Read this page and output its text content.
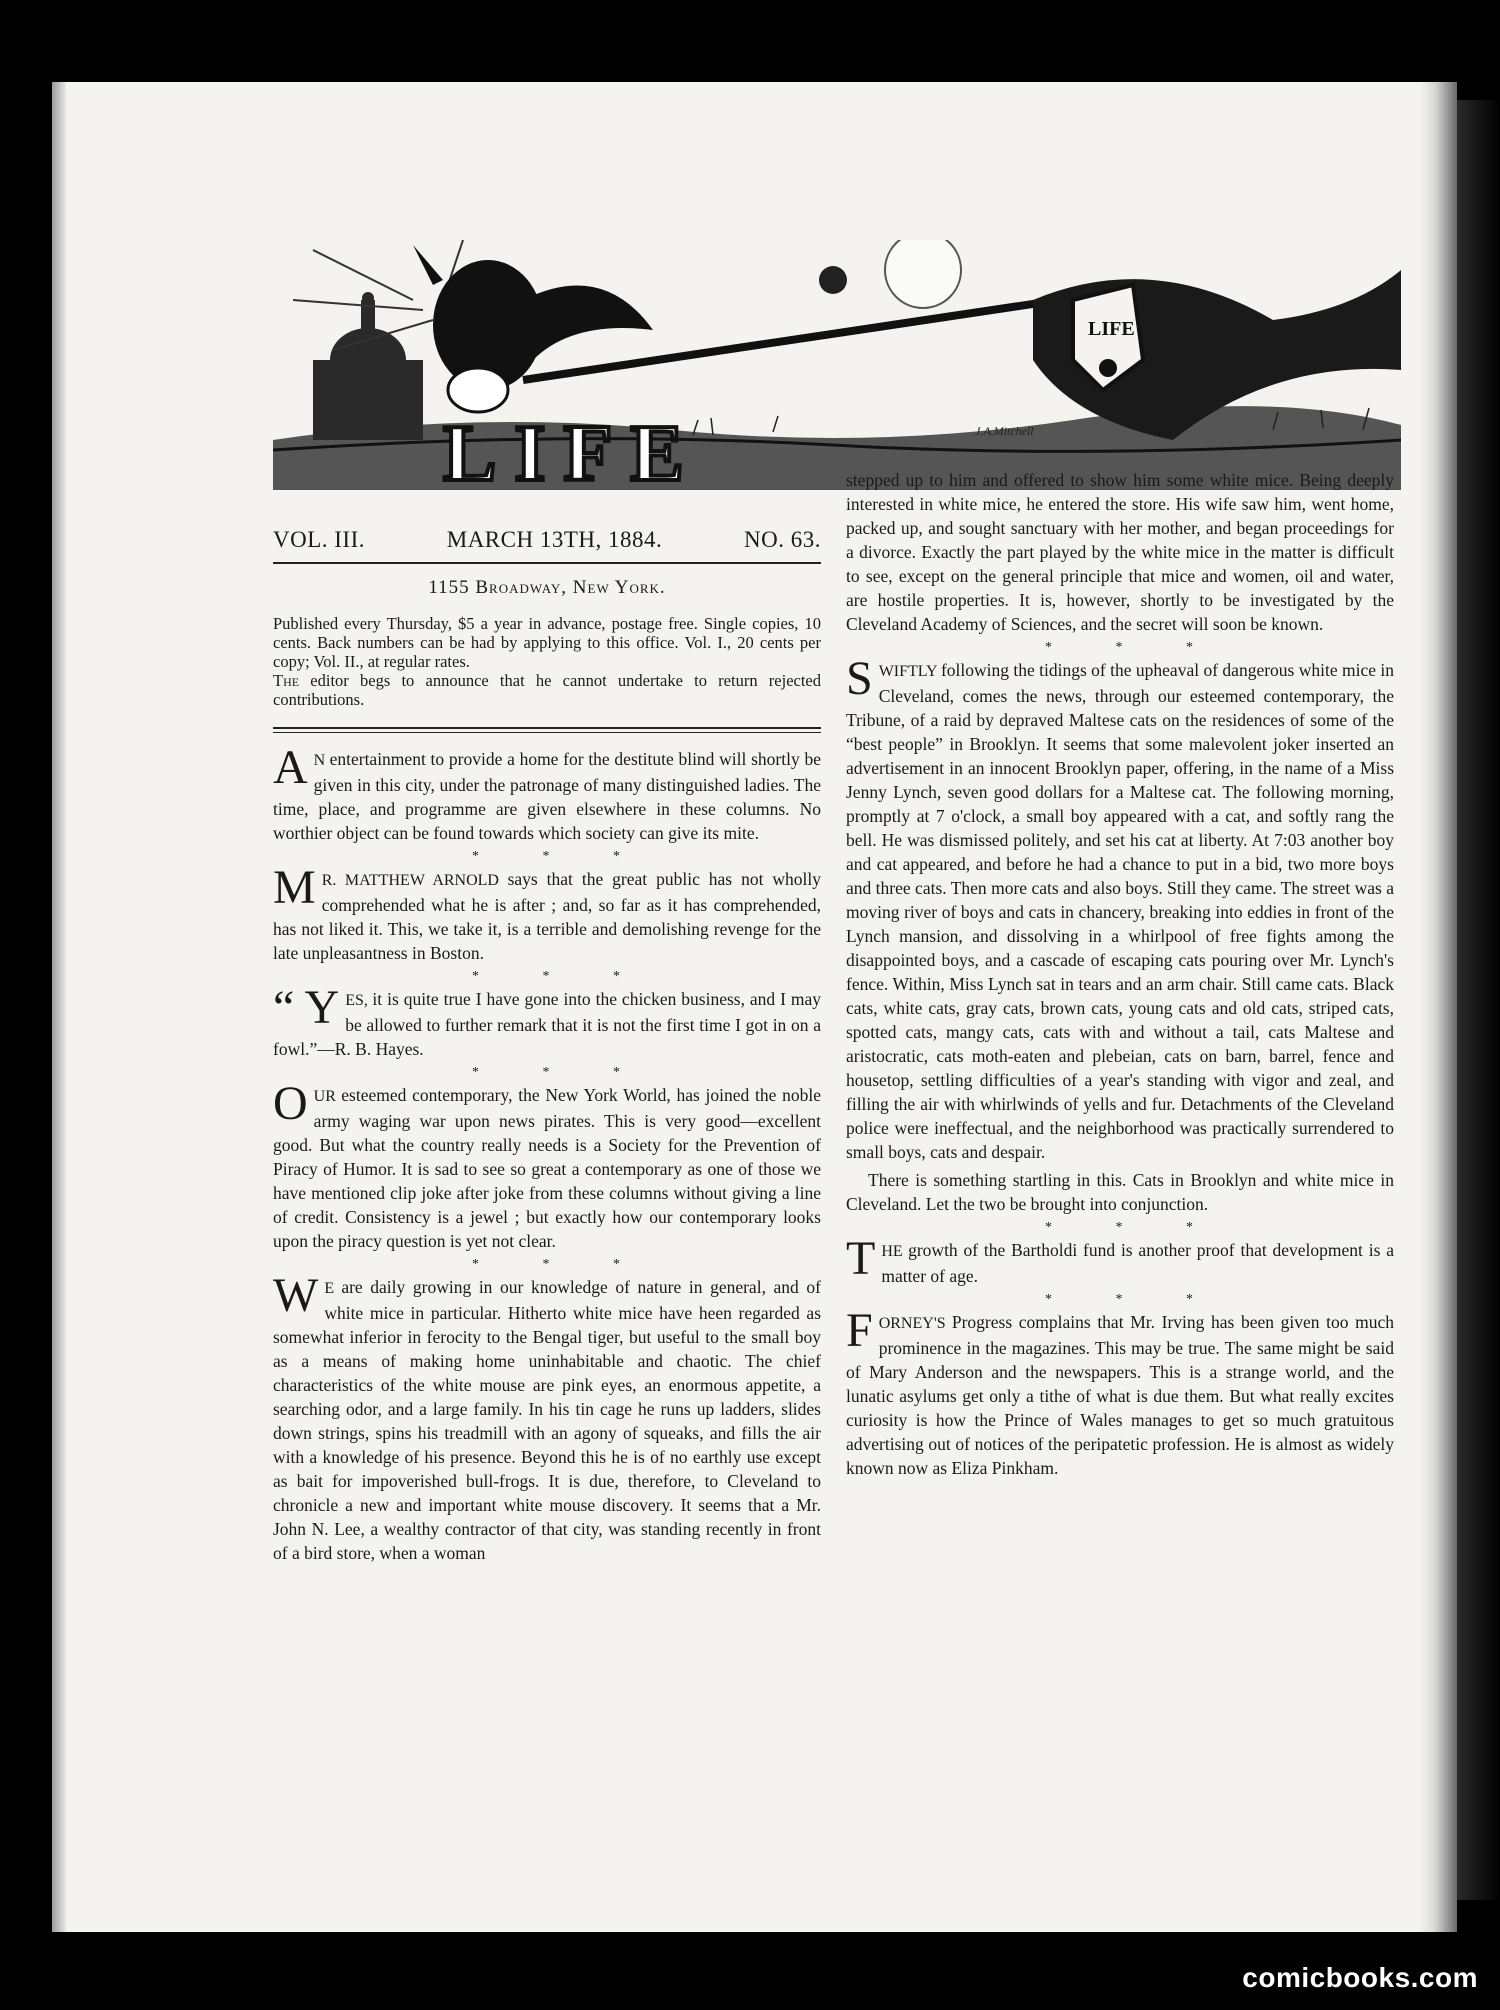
LIFE
LIFE	J.A.Mitchell
VOL. III.	MARCH 13TH, 1884.	NO. 63.
1155 Broadway, New York.

Published every Thursday, $5 a year in advance, postage free. Single copies, 10 cents. Back numbers can be had by applying to this office. Vol. I., 20 cents per copy; Vol. II., at regular rates.

The editor begs to announce that he cannot undertake to return rejected contributions.

A N entertainment to provide a home for the destitute blind will shortly be given in this city, under the patronage of many distinguished ladies. The time, place, and programme are given elsewhere in these columns. No worthier object can be found towards which society can give its mite.

* * *

M R. MATTHEW ARNOLD says that the great public has not wholly comprehended what he is after ; and, so far as it has comprehended, has not liked it. This, we take it, is a terrible and demolishing revenge for the late unpleasantness in Boston.

* * *

“ Y ES, it is quite true I have gone into the chicken business, and I may be allowed to further remark that it is not the first time I got in on a fowl.”—R. B. Hayes.

* * *

OUR esteemed contemporary, the New York World, has joined the noble army waging war upon news pirates. This is very good—excellent good. But what the country really needs is a Society for the Prevention of Piracy of Humor. It is sad to see so great a contemporary as one of those we have mentioned clip joke after joke from these columns without giving a line of credit. Consistency is a jewel ; but exactly how our contemporary looks upon the piracy question is yet not clear.

* * *

W E are daily growing in our knowledge of nature in general, and of white mice in particular. Hitherto white mice have heen regarded as somewhat inferior in ferocity to the Bengal tiger, but useful to the small boy as a means of making home uninhabitable and chaotic. The chief characteristics of the white mouse are pink eyes, an enormous appetite, a searching odor, and a large family. In his tin cage he runs up ladders, slides down strings, spins his treadmill with an agony of squeaks, and fills the air with a knowledge of his presence. Beyond this he is of no earthly use except as bait for impoverished bull-frogs. It is due, therefore, to Cleveland to chronicle a new and important white mouse discovery. It seems that a Mr. John N. Lee, a wealthy contractor of that city, was standing recently in front of a bird store, when a woman

stepped up to him and offered to show him some white mice. Being deeply interested in white mice, he entered the store. His wife saw him, went home, packed up, and sought sanctuary with her mother, and began proceedings for a divorce. Exactly the part played by the white mice in the matter is difficult to see, except on the general principle that mice and women, oil and water, are hostile properties. It is, however, shortly to be investigated by the Cleveland Academy of Sciences, and the secret will soon be known.

* * *

SWIFTLY following the tidings of the upheaval of dangerous white mice in Cleveland, comes the news, through our esteemed contemporary, the Tribune, of a raid by depraved Maltese cats on the residences of some of the “best people” in Brooklyn. It seems that some malevolent joker inserted an advertisement in an innocent Brooklyn paper, offering, in the name of a Miss Jenny Lynch, seven good dollars for a Maltese cat. The following morning, promptly at 7 o'clock, a small boy appeared with a cat, and softly rang the bell. He was dismissed politely, and set his cat at liberty. At 7:03 another boy and cat appeared, and before he had a chance to put in a bid, two more boys and three cats. Then more cats and also boys. Still they came. The street was a moving river of boys and cats in chancery, breaking into eddies in front of the Lynch mansion, and dissolving in a whirlpool of free fights among the disappointed boys, and a cascade of escaping cats pouring over Mr. Lynch's fence. Within, Miss Lynch sat in tears and an arm chair. Still came cats. Black cats, white cats, gray cats, brown cats, young cats and old cats, striped cats, spotted cats, mangy cats, cats with and without a tail, cats Maltese and aristocratic, cats moth-eaten and plebeian, cats on barn, barrel, fence and housetop, settling difficulties of a year's standing with vigor and zeal, and filling the air with whirlwinds of yells and fur. Detachments of the Cleveland police were ineffectual, and the neighborhood was practically surrendered to small boys, cats and despair.

There is something startling in this. Cats in Brooklyn and white mice in Cleveland. Let the two be brought into conjunction.

* * *

THE growth of the Bartholdi fund is another proof that development is a matter of age.

* * *

FORNEY'S Progress complains that Mr. Irving has been given too much prominence in the magazines. This may be true. The same might be said of Mary Anderson and the newspapers. This is a strange world, and the lunatic asylums get only a tithe of what is due them. But what really excites curiosity is how the Prince of Wales manages to get so much gratuitous advertising out of notices of the peripatetic profession. He is almost as widely known now as Eliza Pinkham.

comicbooks.com
